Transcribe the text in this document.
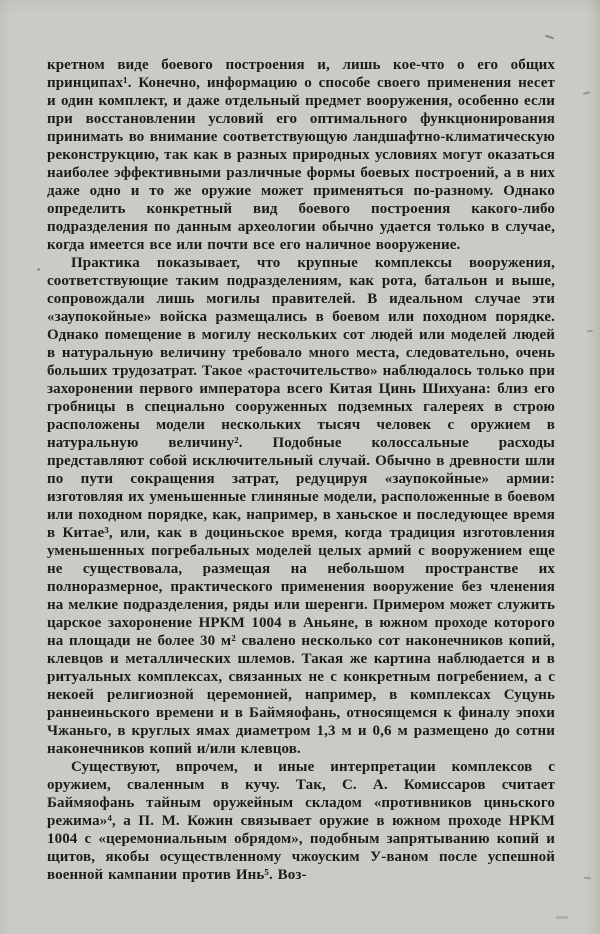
кретном виде боевого построения и, лишь кое-что о его общих принципах¹. Конечно, информацию о способе своего применения несет и один комплект, и даже отдельный предмет вооружения, особенно если при восстановлении условий его оптимального функционирования принимать во внимание соответствующую ландшафтно-климатическую реконструкцию, так как в разных природных условиях могут оказаться наиболее эффективными различные формы боевых построений, а в них даже одно и то же оружие может применяться по-разному. Однако определить конкретный вид боевого построения какого-либо подразделения по данным археологии обычно удается только в случае, когда имеется все или почти все его наличное вооружение.

Практика показывает, что крупные комплексы вооружения, соответствующие таким подразделениям, как рота, батальон и выше, сопровождали лишь могилы правителей. В идеальном случае эти «заупокойные» войска размещались в боевом или походном порядке. Однако помещение в могилу нескольких сот людей или моделей людей в натуральную величину требовало много места, следовательно, очень больших трудозатрат. Такое «расточительство» наблюдалось только при захоронении первого императора всего Китая Цинь Шихуана: близ его гробницы в специально сооруженных подземных галереях в строю расположены модели нескольких тысяч человек с оружием в натуральную величину². Подобные колоссальные расходы представляют собой исключительный случай. Обычно в древности шли по пути сокращения затрат, редуцируя «заупокойные» армии: изготовляя их уменьшенные глиняные модели, расположенные в боевом или походном порядке, как, например, в ханьское и последующее время в Китае³, или, как в доциньское время, когда традиция изготовления уменьшенных погребальных моделей целых армий с вооружением еще не существовала, размещая на небольшом пространстве их полноразмерное, практического применения вооружение без членения на мелкие подразделения, ряды или шеренги. Примером может служить царское захоронение НРКМ 1004 в Аньяне, в южном проходе которого на площади не более 30 м² свалено несколько сот наконечников копий, клевцов и металлических шлемов. Такая же картина наблюдается и в ритуальных комплексах, связанных не с конкретным погребением, а с некоей религиозной церемонией, например, в комплексах Суцунь раннеиньского времени и в Баймяофань, относящемся к финалу эпохи Чжаньго, в круглых ямах диаметром 1,3 м и 0,6 м размещено до сотни наконечников копий и/или клевцов.

Существуют, впрочем, и иные интерпретации комплексов с оружием, сваленным в кучу. Так, С. А. Комиссаров считает Баймяофань тайным оружейным складом «противников циньского режима»⁴, а П. М. Кожин связывает оружие в южном проходе НРКМ 1004 с «церемониальным обрядом», подобным запрятыванию копий и щитов, якобы осуществленному чжоуским У-ваном после успешной военной кампании против Инь⁵. Воз-
